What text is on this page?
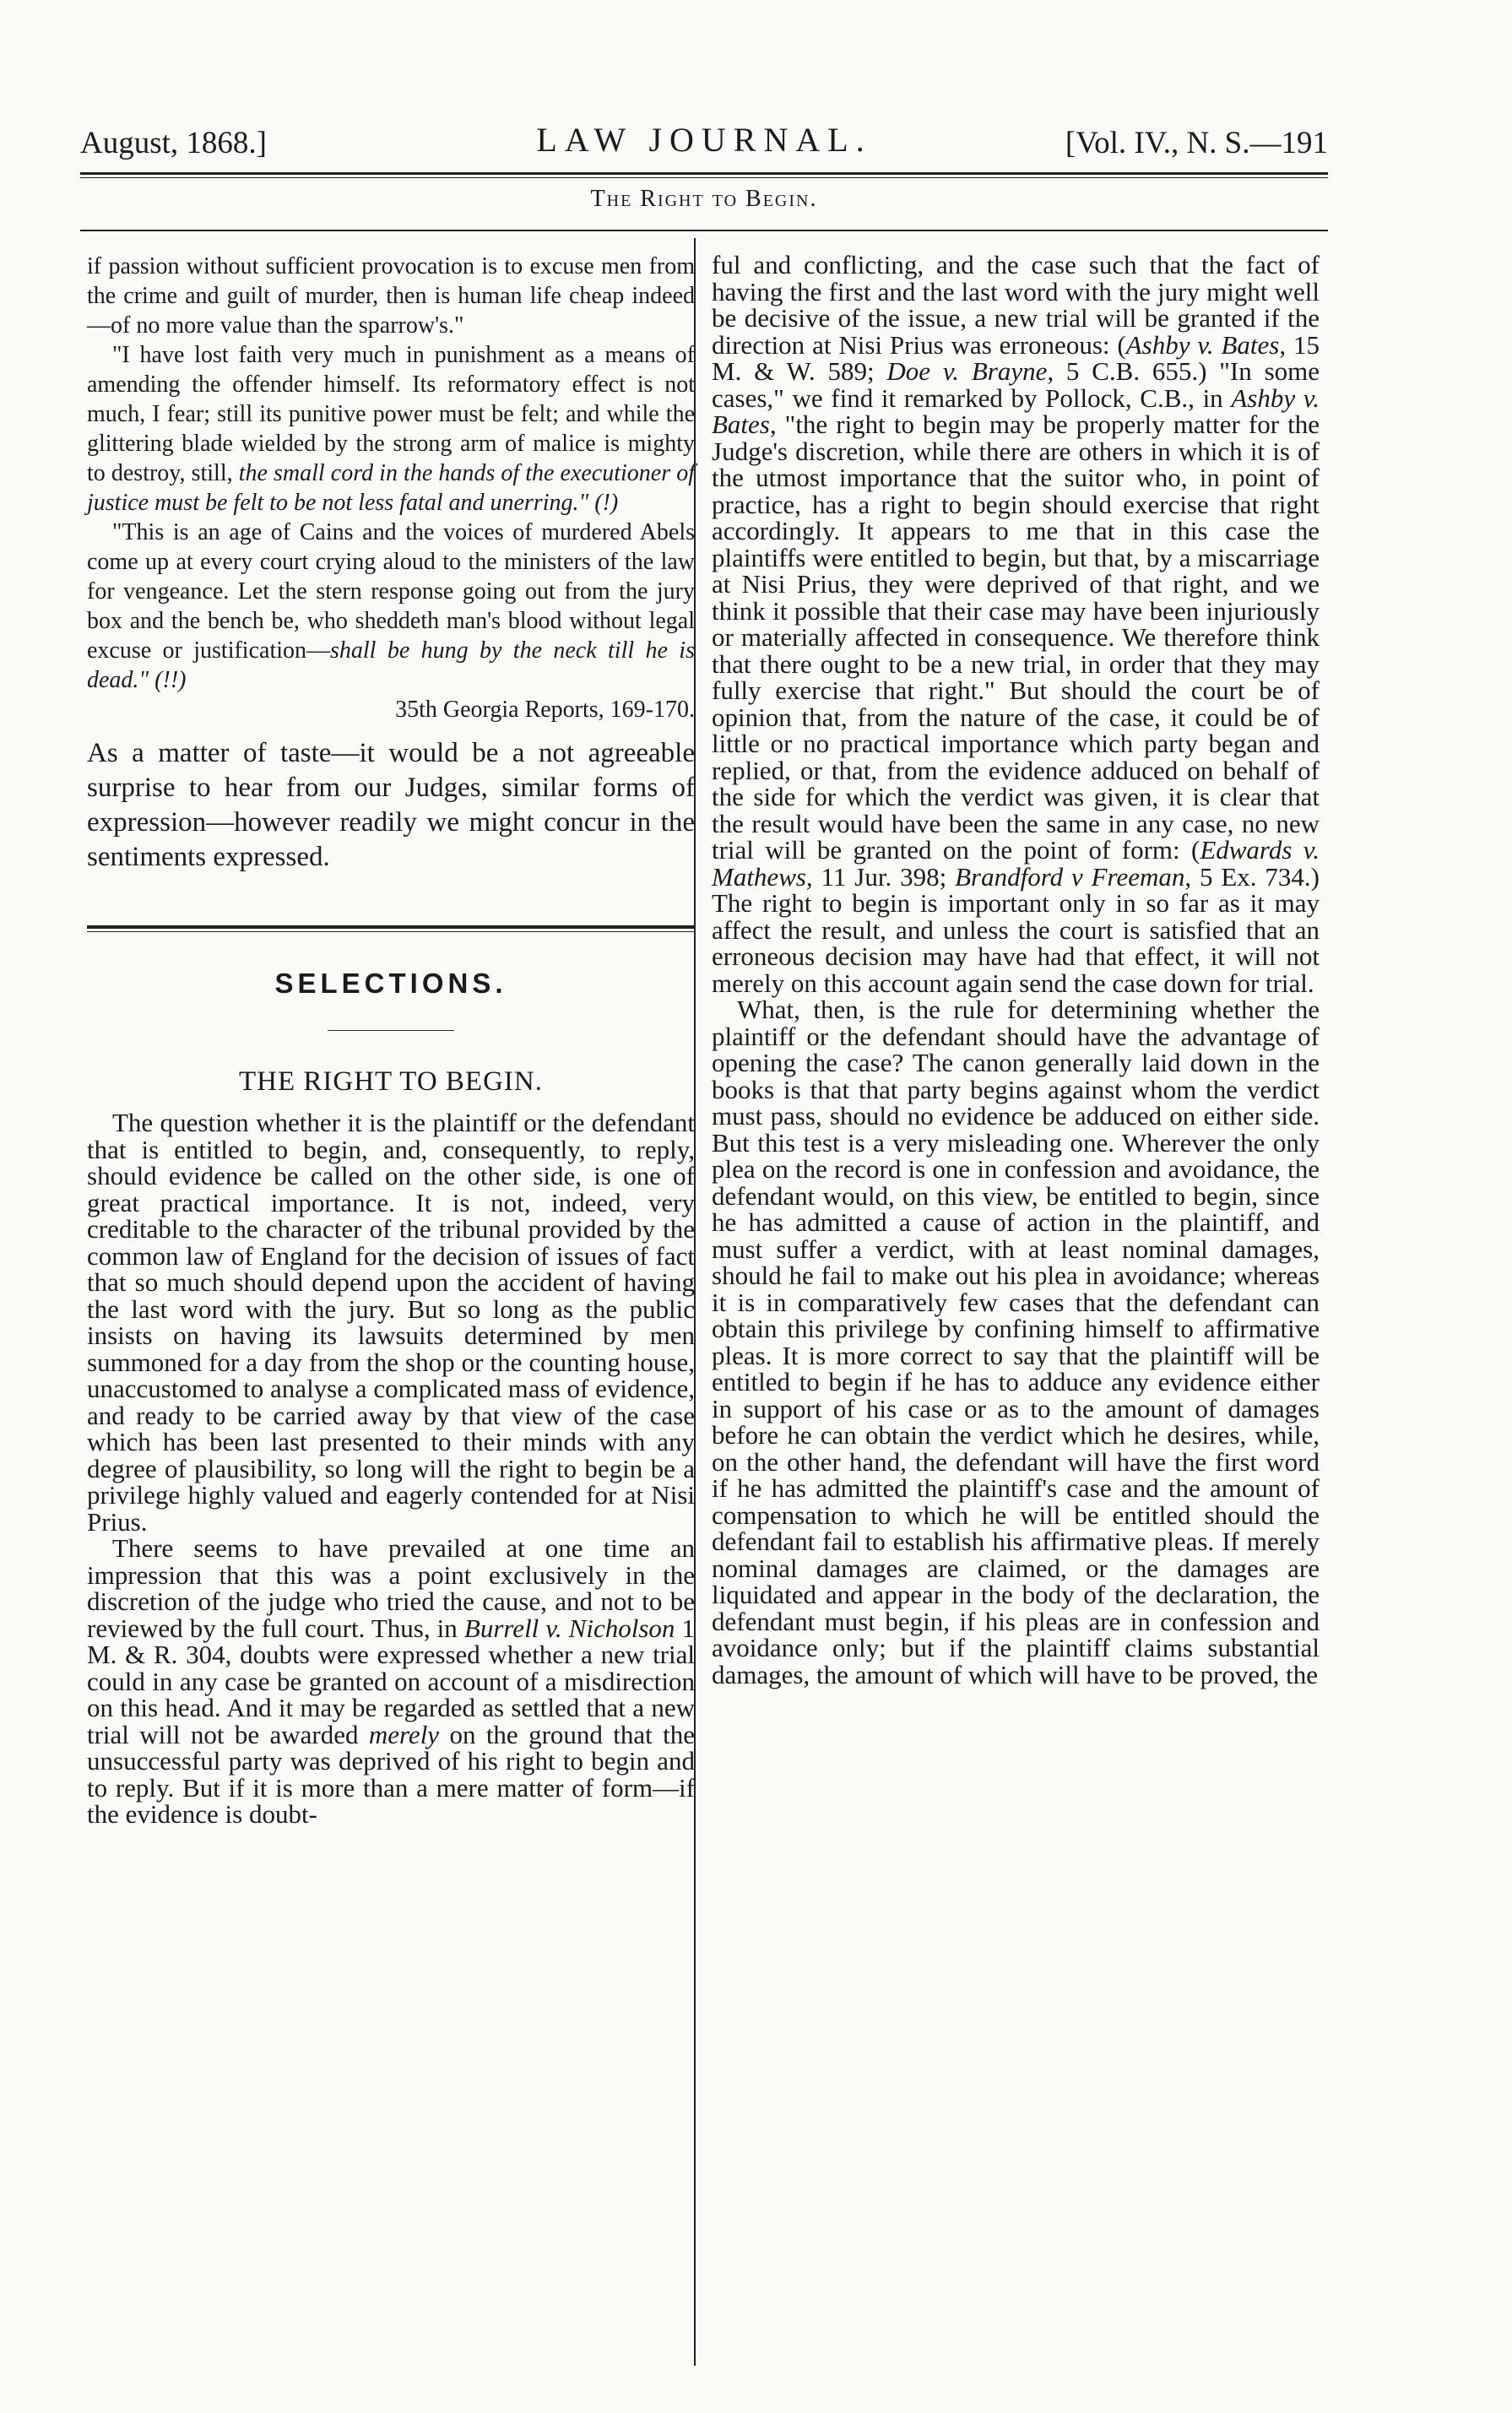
August, 1868.]	LAW JOURNAL.	[Vol. IV., N. S.—191
The Right to Begin.

if passion without sufficient provocation is to excuse men from the crime and guilt of murder, then is human life cheap indeed—of no more value than the sparrow's."

"I have lost faith very much in punishment as a means of amending the offender himself. Its reformatory effect is not much, I fear; still its punitive power must be felt; and while the glittering blade wielded by the strong arm of malice is mighty to destroy, still, the small cord in the hands of the executioner of justice must be felt to be not less fatal and unerring." (!)

"This is an age of Cains and the voices of murdered Abels come up at every court crying aloud to the ministers of the law for vengeance. Let the stern response going out from the jury box and the bench be, who sheddeth man's blood without legal excuse or justification—shall be hung by the neck till he is dead." (!!)

35th Georgia Reports, 169-170.

As a matter of taste—it would be a not agreeable surprise to hear from our Judges, similar forms of expression—however readily we might concur in the sentiments expressed.

SELECTIONS.
THE RIGHT TO BEGIN.

The question whether it is the plaintiff or the defendant that is entitled to begin, and, consequently, to reply, should evidence be called on the other side, is one of great practical importance. It is not, indeed, very creditable to the character of the tribunal provided by the common law of England for the decision of issues of fact that so much should depend upon the accident of having the last word with the jury. But so long as the public insists on having its lawsuits determined by men summoned for a day from the shop or the counting house, unaccustomed to analyse a complicated mass of evidence, and ready to be carried away by that view of the case which has been last presented to their minds with any degree of plausibility, so long will the right to begin be a privilege highly valued and eagerly contended for at Nisi Prius.

There seems to have prevailed at one time an impression that this was a point exclusively in the discretion of the judge who tried the cause, and not to be reviewed by the full court. Thus, in Burrell v. Nicholson 1 M. & R. 304, doubts were expressed whether a new trial could in any case be granted on account of a misdirection on this head. And it may be regarded as settled that a new trial will not be awarded merely on the ground that the unsuccessful party was deprived of his right to begin and to reply. But if it is more than a mere matter of form—if the evidence is doubt-

ful and conflicting, and the case such that the fact of having the first and the last word with the jury might well be decisive of the issue, a new trial will be granted if the direction at Nisi Prius was erroneous: (Ashby v. Bates, 15 M. & W. 589; Doe v. Brayne, 5 C.B. 655.) "In some cases," we find it remarked by Pollock, C.B., in Ashby v. Bates, "the right to begin may be properly matter for the Judge's discretion, while there are others in which it is of the utmost importance that the suitor who, in point of practice, has a right to begin should exercise that right accordingly. It appears to me that in this case the plaintiffs were entitled to begin, but that, by a miscarriage at Nisi Prius, they were deprived of that right, and we think it possible that their case may have been injuriously or materially affected in consequence. We therefore think that there ought to be a new trial, in order that they may fully exercise that right." But should the court be of opinion that, from the nature of the case, it could be of little or no practical importance which party began and replied, or that, from the evidence adduced on behalf of the side for which the verdict was given, it is clear that the result would have been the same in any case, no new trial will be granted on the point of form: (Edwards v. Mathews, 11 Jur. 398; Brandford v Freeman, 5 Ex. 734.) The right to begin is important only in so far as it may affect the result, and unless the court is satisfied that an erroneous decision may have had that effect, it will not merely on this account again send the case down for trial.

What, then, is the rule for determining whether the plaintiff or the defendant should have the advantage of opening the case? The canon generally laid down in the books is that that party begins against whom the verdict must pass, should no evidence be adduced on either side. But this test is a very misleading one. Wherever the only plea on the record is one in confession and avoidance, the defendant would, on this view, be entitled to begin, since he has admitted a cause of action in the plaintiff, and must suffer a verdict, with at least nominal damages, should he fail to make out his plea in avoidance; whereas it is in comparatively few cases that the defendant can obtain this privilege by confining himself to affirmative pleas. It is more correct to say that the plaintiff will be entitled to begin if he has to adduce any evidence either in support of his case or as to the amount of damages before he can obtain the verdict which he desires, while, on the other hand, the defendant will have the first word if he has admitted the plaintiff's case and the amount of compensation to which he will be entitled should the defendant fail to establish his affirmative pleas. If merely nominal damages are claimed, or the damages are liquidated and appear in the body of the declaration, the defendant must begin, if his pleas are in confession and avoidance only; but if the plaintiff claims substantial damages, the amount of which will have to be proved, the
